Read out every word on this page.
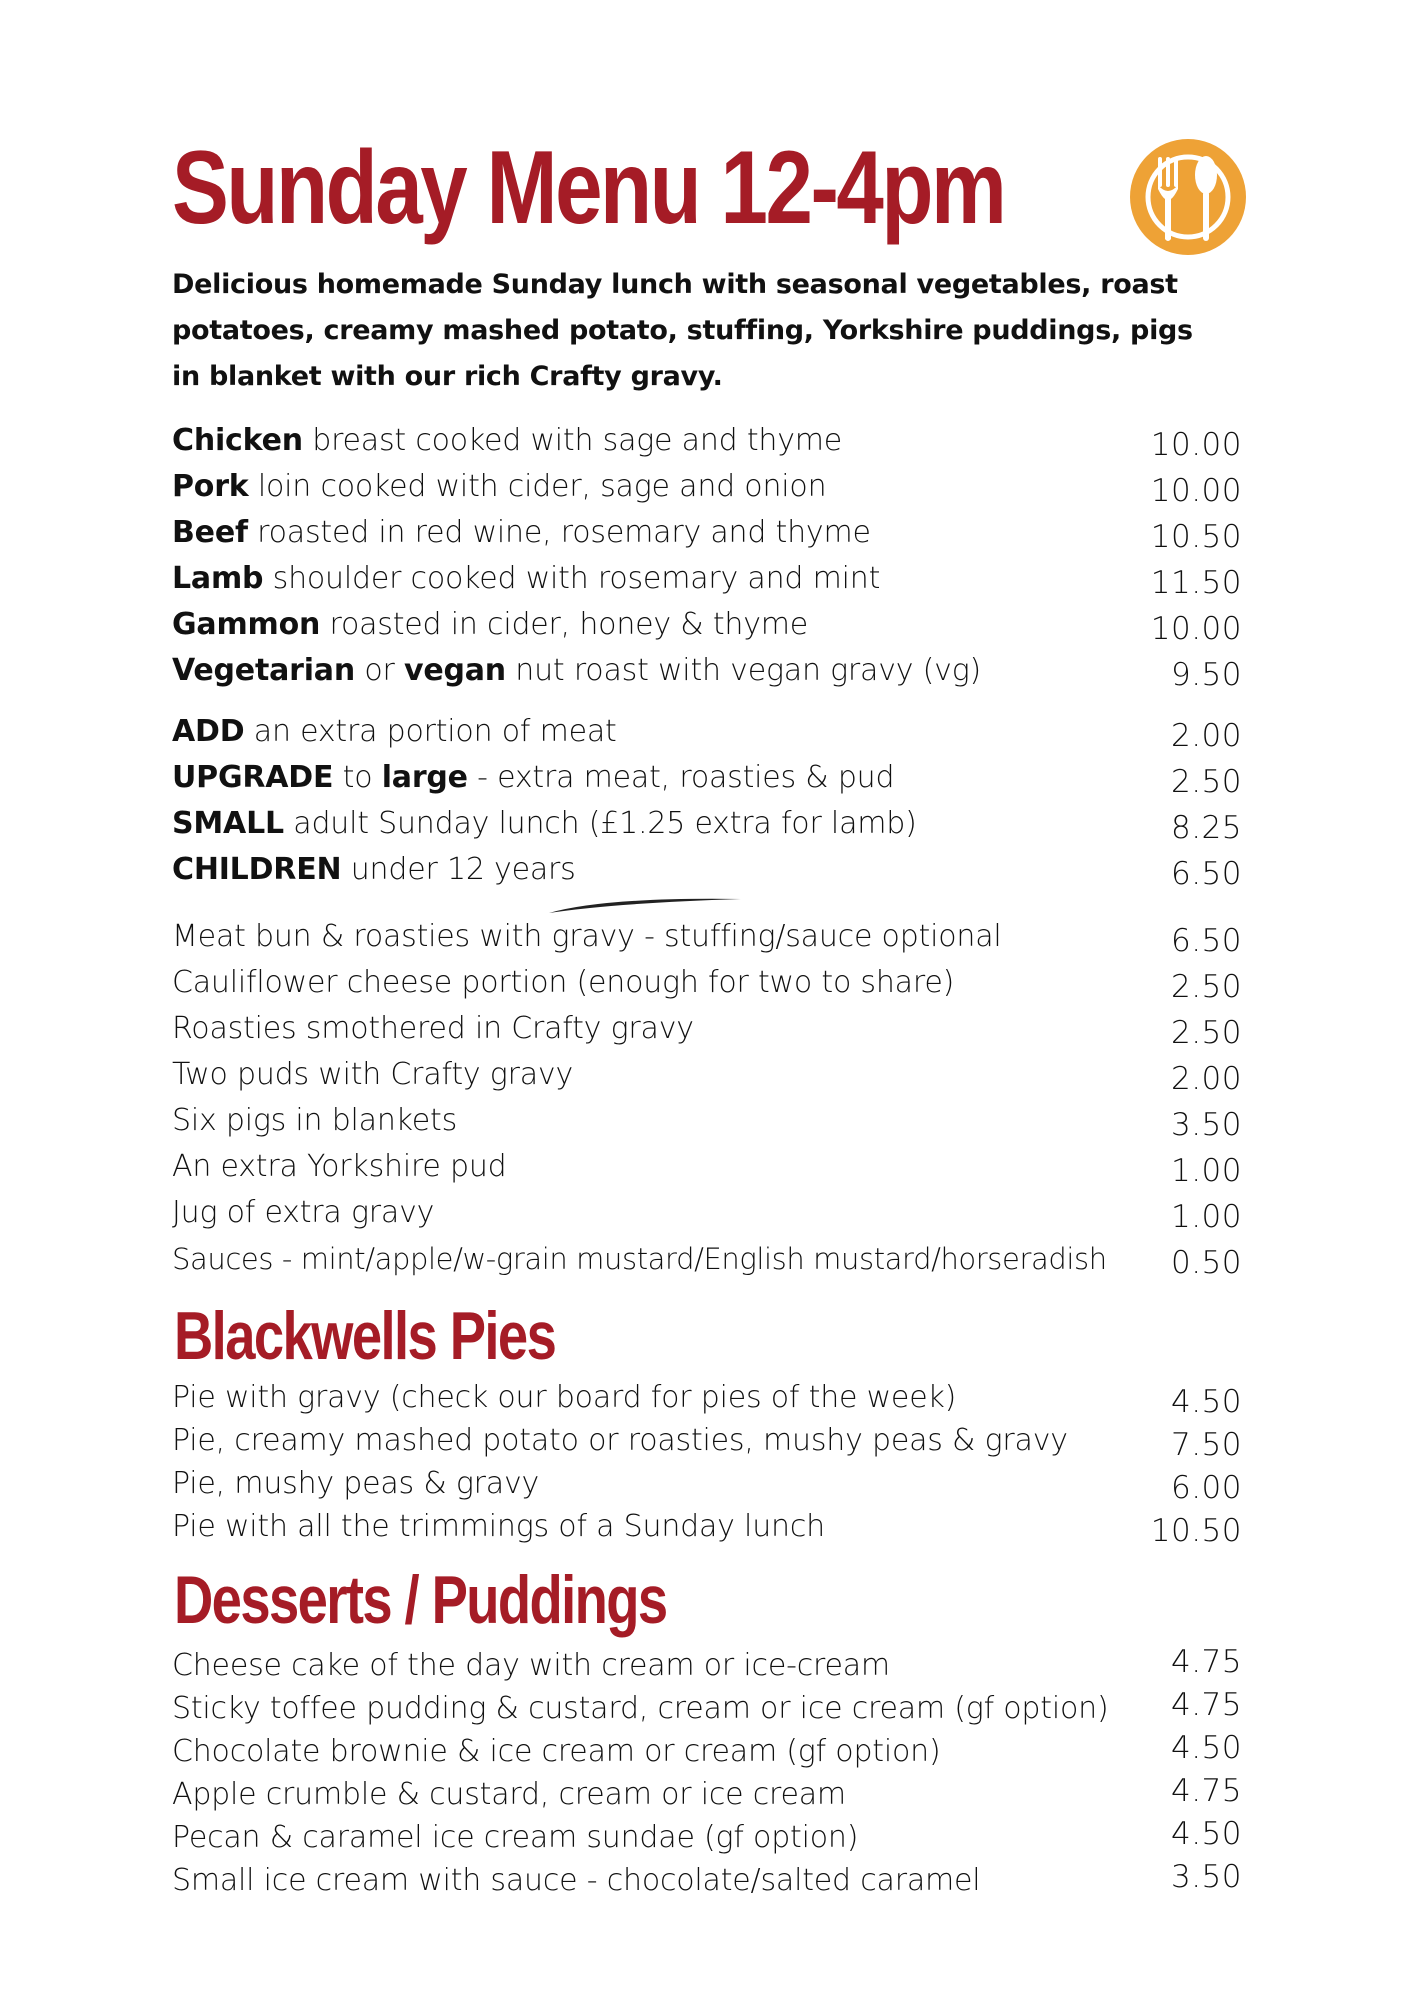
Sunday Menu 12-4pm

Delicious homemade Sunday lunch with seasonal vegetables, roast potatoes, creamy mashed potato, stuffing, Yorkshire puddings, pigs in blanket with our rich Crafty gravy.

Chicken breast cooked with sage and thyme	10.00
Pork loin cooked with cider, sage and onion	10.00
Beef roasted in red wine, rosemary and thyme	10.50
Lamb shoulder cooked with rosemary and mint	11.50
Gammon roasted in cider, honey & thyme	10.00
Vegetarian or vegan nut roast with vegan gravy (vg)	9.50
ADD an extra portion of meat	2.00
UPGRADE to large - extra meat, roasties & pud	2.50
SMALL adult Sunday lunch (£1.25 extra for lamb)	8.25
CHILDREN under 12 years	6.50
Meat bun & roasties with gravy - stuffing/sauce optional	6.50
Cauliflower cheese portion (enough for two to share)	2.50
Roasties smothered in Crafty gravy	2.50
Two puds with Crafty gravy	2.00
Six pigs in blankets	3.50
An extra Yorkshire pud	1.00
Jug of extra gravy	1.00
Sauces - mint/apple/w-grain mustard/English mustard/horseradish 0.50
Blackwells Pies
Pie with gravy (check our board for pies of the week)	4.50
Pie, creamy mashed potato or roasties, mushy peas & gravy	7.50
Pie, mushy peas & gravy	6.00
Pie with all the trimmings of a Sunday lunch	10.50
Desserts / Puddings
Cheese cake of the day with cream or ice-cream	4.75
Sticky toffee pudding & custard, cream or ice cream (gf option) 4.75
Chocolate brownie & ice cream or cream (gf option)	4.50
Apple crumble & custard, cream or ice cream	4.75
Pecan & caramel ice cream sundae (gf option)	4.50
Small ice cream with sauce - chocolate/salted caramel	3.50
